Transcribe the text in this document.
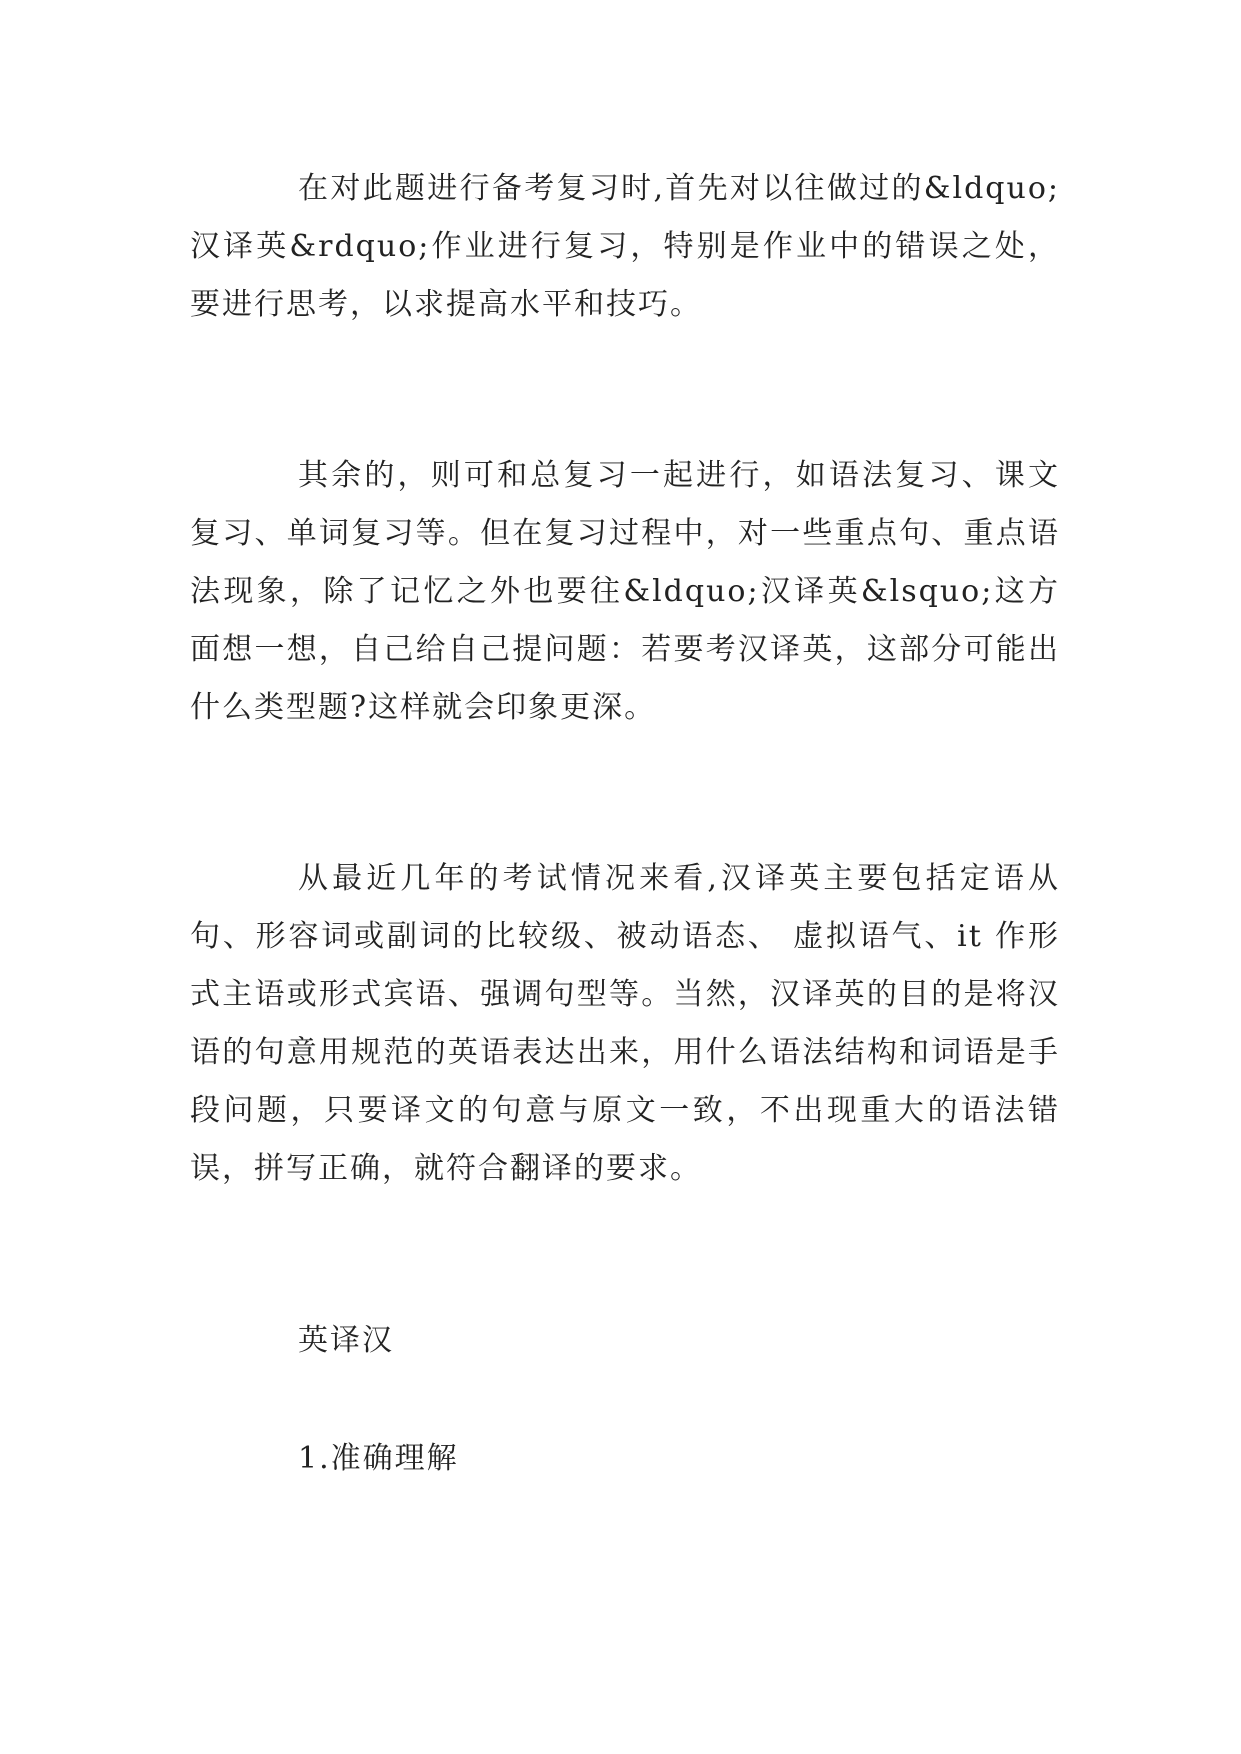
在对此题进行备考复习时,首先对以往做过的&ldquo;汉译英&rdquo;作业进行复习，特别是作业中的错误之处，要进行思考，以求提高水平和技巧。

其余的，则可和总复习一起进行，如语法复习、课文复习、单词复习等。但在复习过程中，对一些重点句、重点语法现象，除了记忆之外也要往&ldquo;汉译英&lsquo;这方面想一想，自己给自己提问题：若要考汉译英，这部分可能出什么类型题?这样就会印象更深。

从最近几年的考试情况来看,汉译英主要包括定语从句、形容词或副词的比较级、被动语态、 虚拟语气、it 作形式主语或形式宾语、强调句型等。当然，汉译英的目的是将汉语的句意用规范的英语表达出来，用什么语法结构和词语是手段问题，只要译文的句意与原文一致，不出现重大的语法错误，拼写正确，就符合翻译的要求。

英译汉

1.准确理解
